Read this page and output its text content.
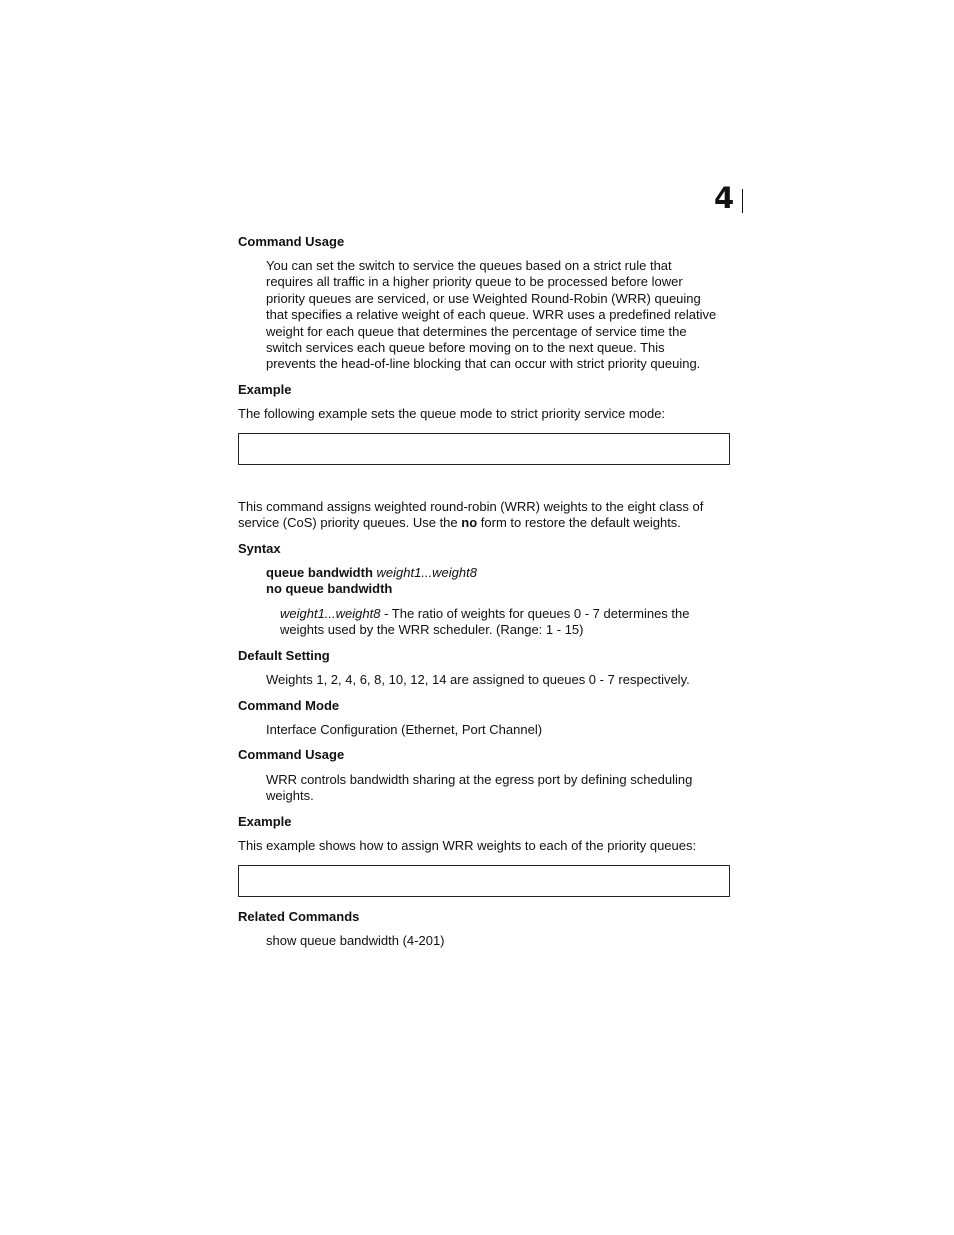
4
Command Usage
You can set the switch to service the queues based on a strict rule that
requires all traffic in a higher priority queue to be processed before lower
priority queues are serviced, or use Weighted Round-Robin (WRR) queuing
that specifies a relative weight of each queue. WRR uses a predefined relative
weight for each queue that determines the percentage of service time the
switch services each queue before moving on to the next queue. This
prevents the head-of-line blocking that can occur with strict priority queuing.
Example
The following example sets the queue mode to strict priority service mode:
This command assigns weighted round-robin (WRR) weights to the eight class of
service (CoS) priority queues. Use the no form to restore the default weights.
Syntax
queue bandwidth weight1...weight8
no queue bandwidth
weight1...weight8 - The ratio of weights for queues 0 - 7 determines the
weights used by the WRR scheduler. (Range: 1 - 15)
Default Setting
Weights 1, 2, 4, 6, 8, 10, 12, 14 are assigned to queues 0 - 7 respectively.
Command Mode
Interface Configuration (Ethernet, Port Channel)
Command Usage
WRR controls bandwidth sharing at the egress port by defining scheduling
weights.
Example
This example shows how to assign WRR weights to each of the priority queues:
Related Commands
show queue bandwidth (4-201)
